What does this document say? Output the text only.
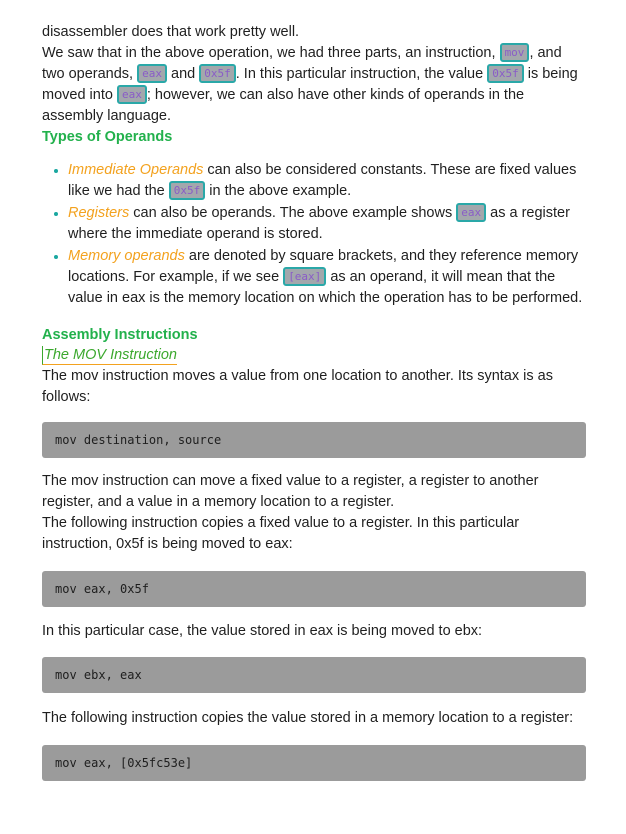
disassembler does that work pretty well.

We saw that in the above operation, we had three parts, an instruction, mov , and two operands, eax and 0x5f . In this particular instruction, the value 0x5f is being moved into eax ; however, we can also have other kinds of operands in the assembly language.

Types of Operands

Immediate Operands can also be considered constants. These are fixed values like we had the 0x5f in the above example.
Registers can also be operands. The above example shows eax as a register where the immediate operand is stored.
Memory operands are denoted by square brackets, and they reference memory locations. For example, if we see [eax] as an operand, it will mean that the value in eax is the memory location on which the operation has to be performed.

Assembly Instructions

The MOV Instruction

The mov instruction moves a value from one location to another. Its syntax is as follows:

mov destination, source

The mov instruction can move a fixed value to a register, a register to another register, and a value in a memory location to a register.

The following instruction copies a fixed value to a register. In this particular instruction, 0x5f is being moved to eax:

mov eax, 0x5f

In this particular case, the value stored in eax is being moved to ebx:

mov ebx, eax

The following instruction copies the value stored in a memory location to a register:

mov eax, [0x5fc53e]
